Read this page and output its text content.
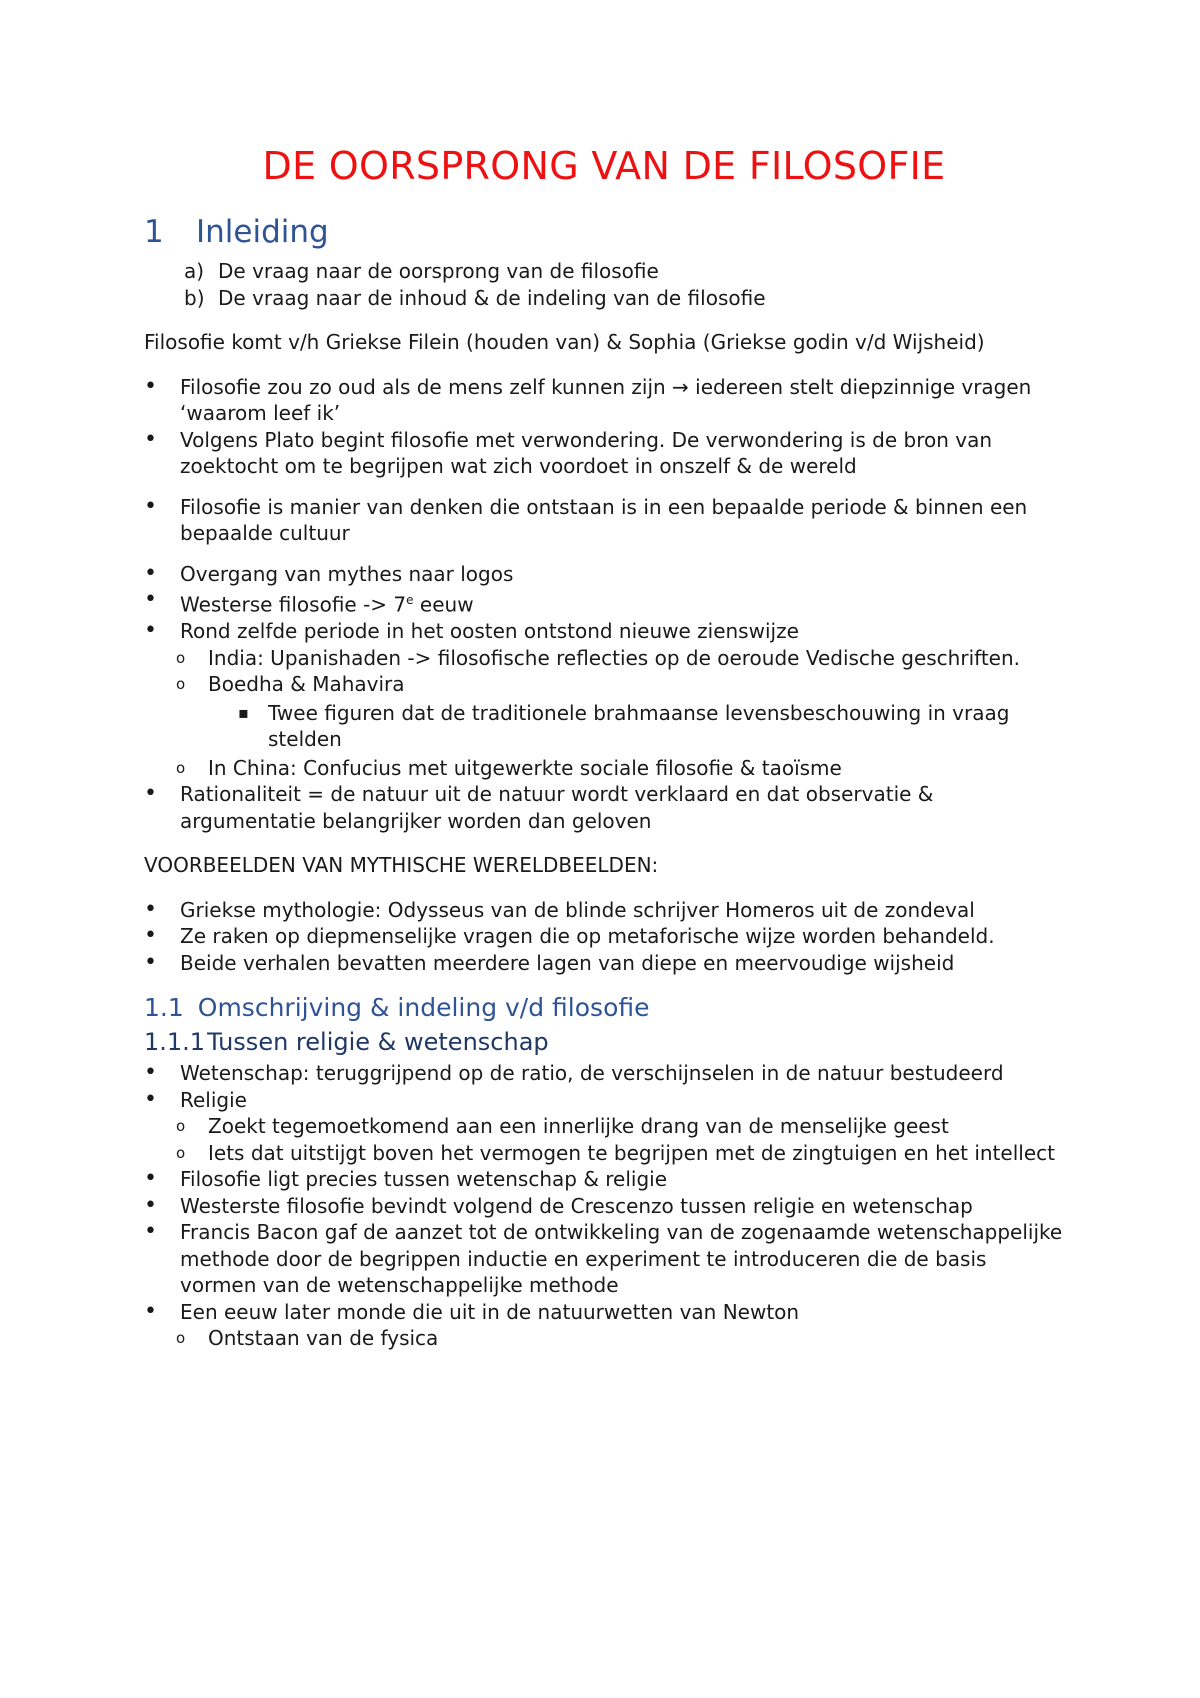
DE OORSPRONG VAN DE FILOSOFIE
1 Inleiding
a) De vraag naar de oorsprong van de filosofie
b) De vraag naar de inhoud & de indeling van de filosofie

Filosofie komt v/h Griekse Filein (houden van) & Sophia (Griekse godin v/d Wijsheid)

• Filosofie zou zo oud als de mens zelf kunnen zijn → iedereen stelt diepzinnige vragen ‘waarom leef ik’
• Volgens Plato begint filosofie met verwondering. De verwondering is de bron van zoektocht om te begrijpen wat zich voordoet in onszelf & de wereld
• Filosofie is manier van denken die ontstaan is in een bepaalde periode & binnen een bepaalde cultuur
• Overgang van mythes naar logos
• Westerse filosofie -> $7^e$ eeuw
• Rond zelfde periode in het oosten ontstond nieuwe zienswijze
o India: Upanishaden -> filosofische reflecties op de oeroude Vedische geschriften.
o Boedha & Mahavira
▪ Twee figuren dat de traditionele brahmaanse levensbeschouwing in vraag stelden
o In China: Confucius met uitgewerkte sociale filosofie & taoïsme
• Rationaliteit = de natuur uit de natuur wordt verklaard en dat observatie & argumentatie belangrijker worden dan geloven

VOORBEELDEN VAN MYTHISCHE WERELDBEELDEN:

• Griekse mythologie: Odysseus van de blinde schrijver Homeros uit de zondeval
• Ze raken op diepmenselijke vragen die op metaforische wijze worden behandeld.
• Beide verhalen bevatten meerdere lagen van diepe en meervoudige wijsheid
1.1 Omschrijving & indeling v/d filosofie
1.1.1Tussen religie & wetenschap
• Wetenschap: teruggrijpend op de ratio, de verschijnselen in de natuur bestudeerd
• Religie
o Zoekt tegemoetkomend aan een innerlijke drang van de menselijke geest
o Iets dat uitstijgt boven het vermogen te begrijpen met de zingtuigen en het intellect
• Filosofie ligt precies tussen wetenschap & religie
• Westerste filosofie bevindt volgend de Crescenzo tussen religie en wetenschap
• Francis Bacon gaf de aanzet tot de ontwikkeling van de zogenaamde wetenschappelijke methode door de begrippen inductie en experiment te introduceren die de basis vormen van de wetenschappelijke methode
• Een eeuw later monde die uit in de natuurwetten van Newton
o Ontstaan van de fysica
